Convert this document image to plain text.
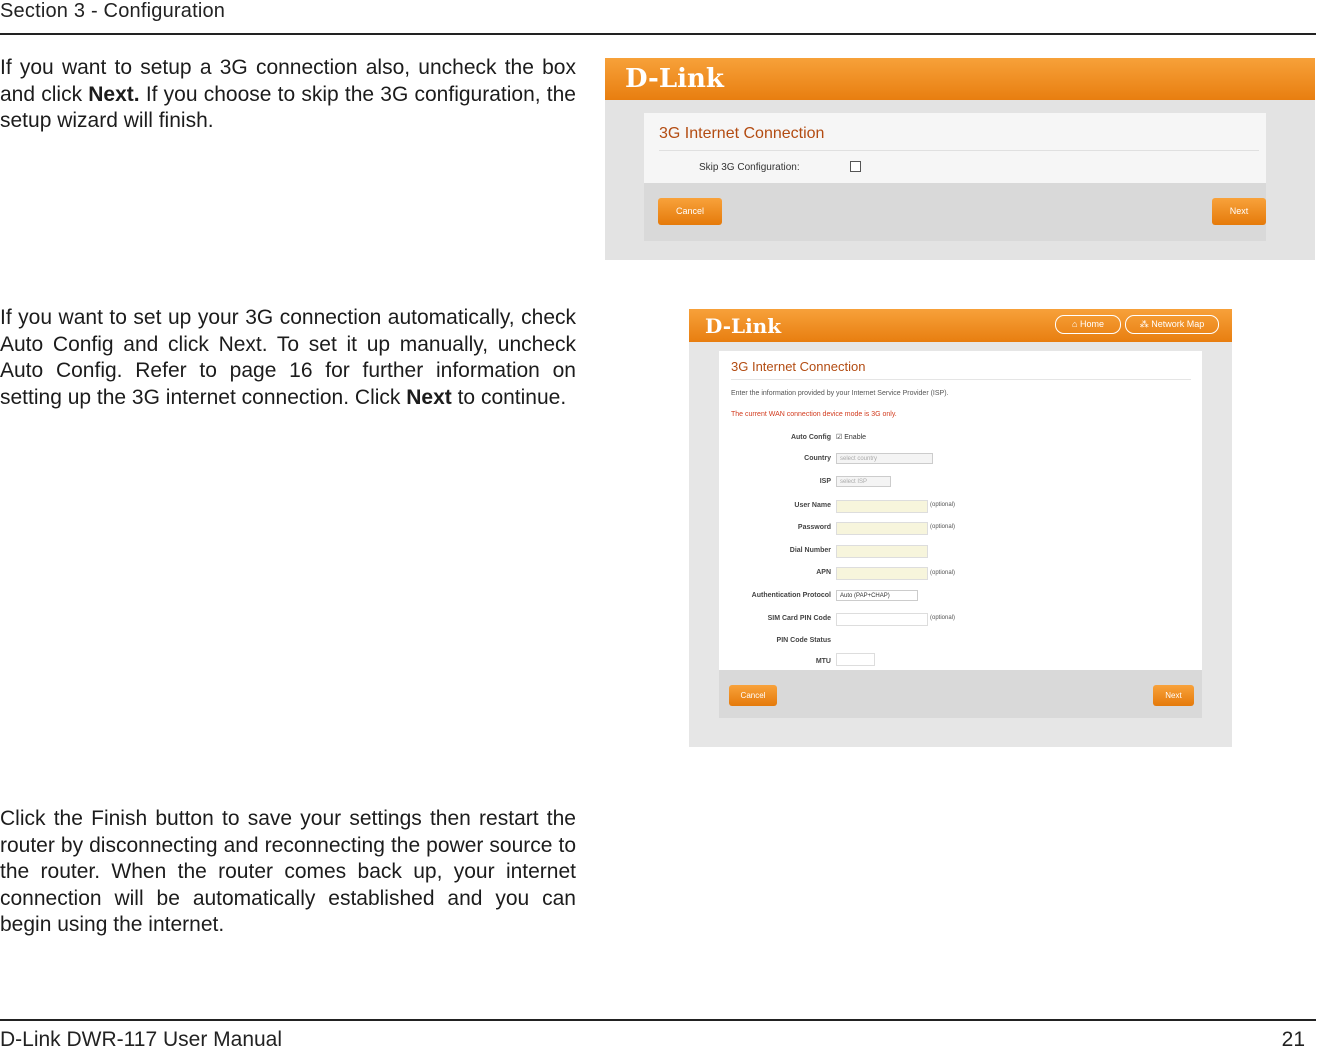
Section 3 - Configuration
If you want to setup a 3G connection also, uncheck the box and click Next. If you choose to skip the 3G configuration, the setup wizard will finish.
If you want to set up your 3G connection automatically, check Auto Config and click Next. To set it up manually, uncheck Auto Config. Refer to page 16 for further information on setting up the 3G internet connection. Click Next to continue.
Click the Finish button to save your settings then restart the router by disconnecting and reconnecting the power source to the router. When the router comes back up, your internet connection will be automatically established and you can begin using the internet.
D-Link
3G Internet Connection
Skip 3G Configuration:
Cancel	Next
D-Link	⌂ Home	⁂ Network Map
3G Internet Connection
Enter the information provided by your Internet Service Provider (ISP).
The current WAN connection device mode is 3G only.
Auto Config ☑ Enable
Country	select country
ISP	select ISP
User Name	(optional)
Password	(optional)
Dial Number
APN	(optional)
Authentication Protocol	Auto (PAP+CHAP)
SIM Card PIN Code	(optional)
PIN Code Status
MTU
Cancel	Next
D-Link DWR-117 User Manual	21
